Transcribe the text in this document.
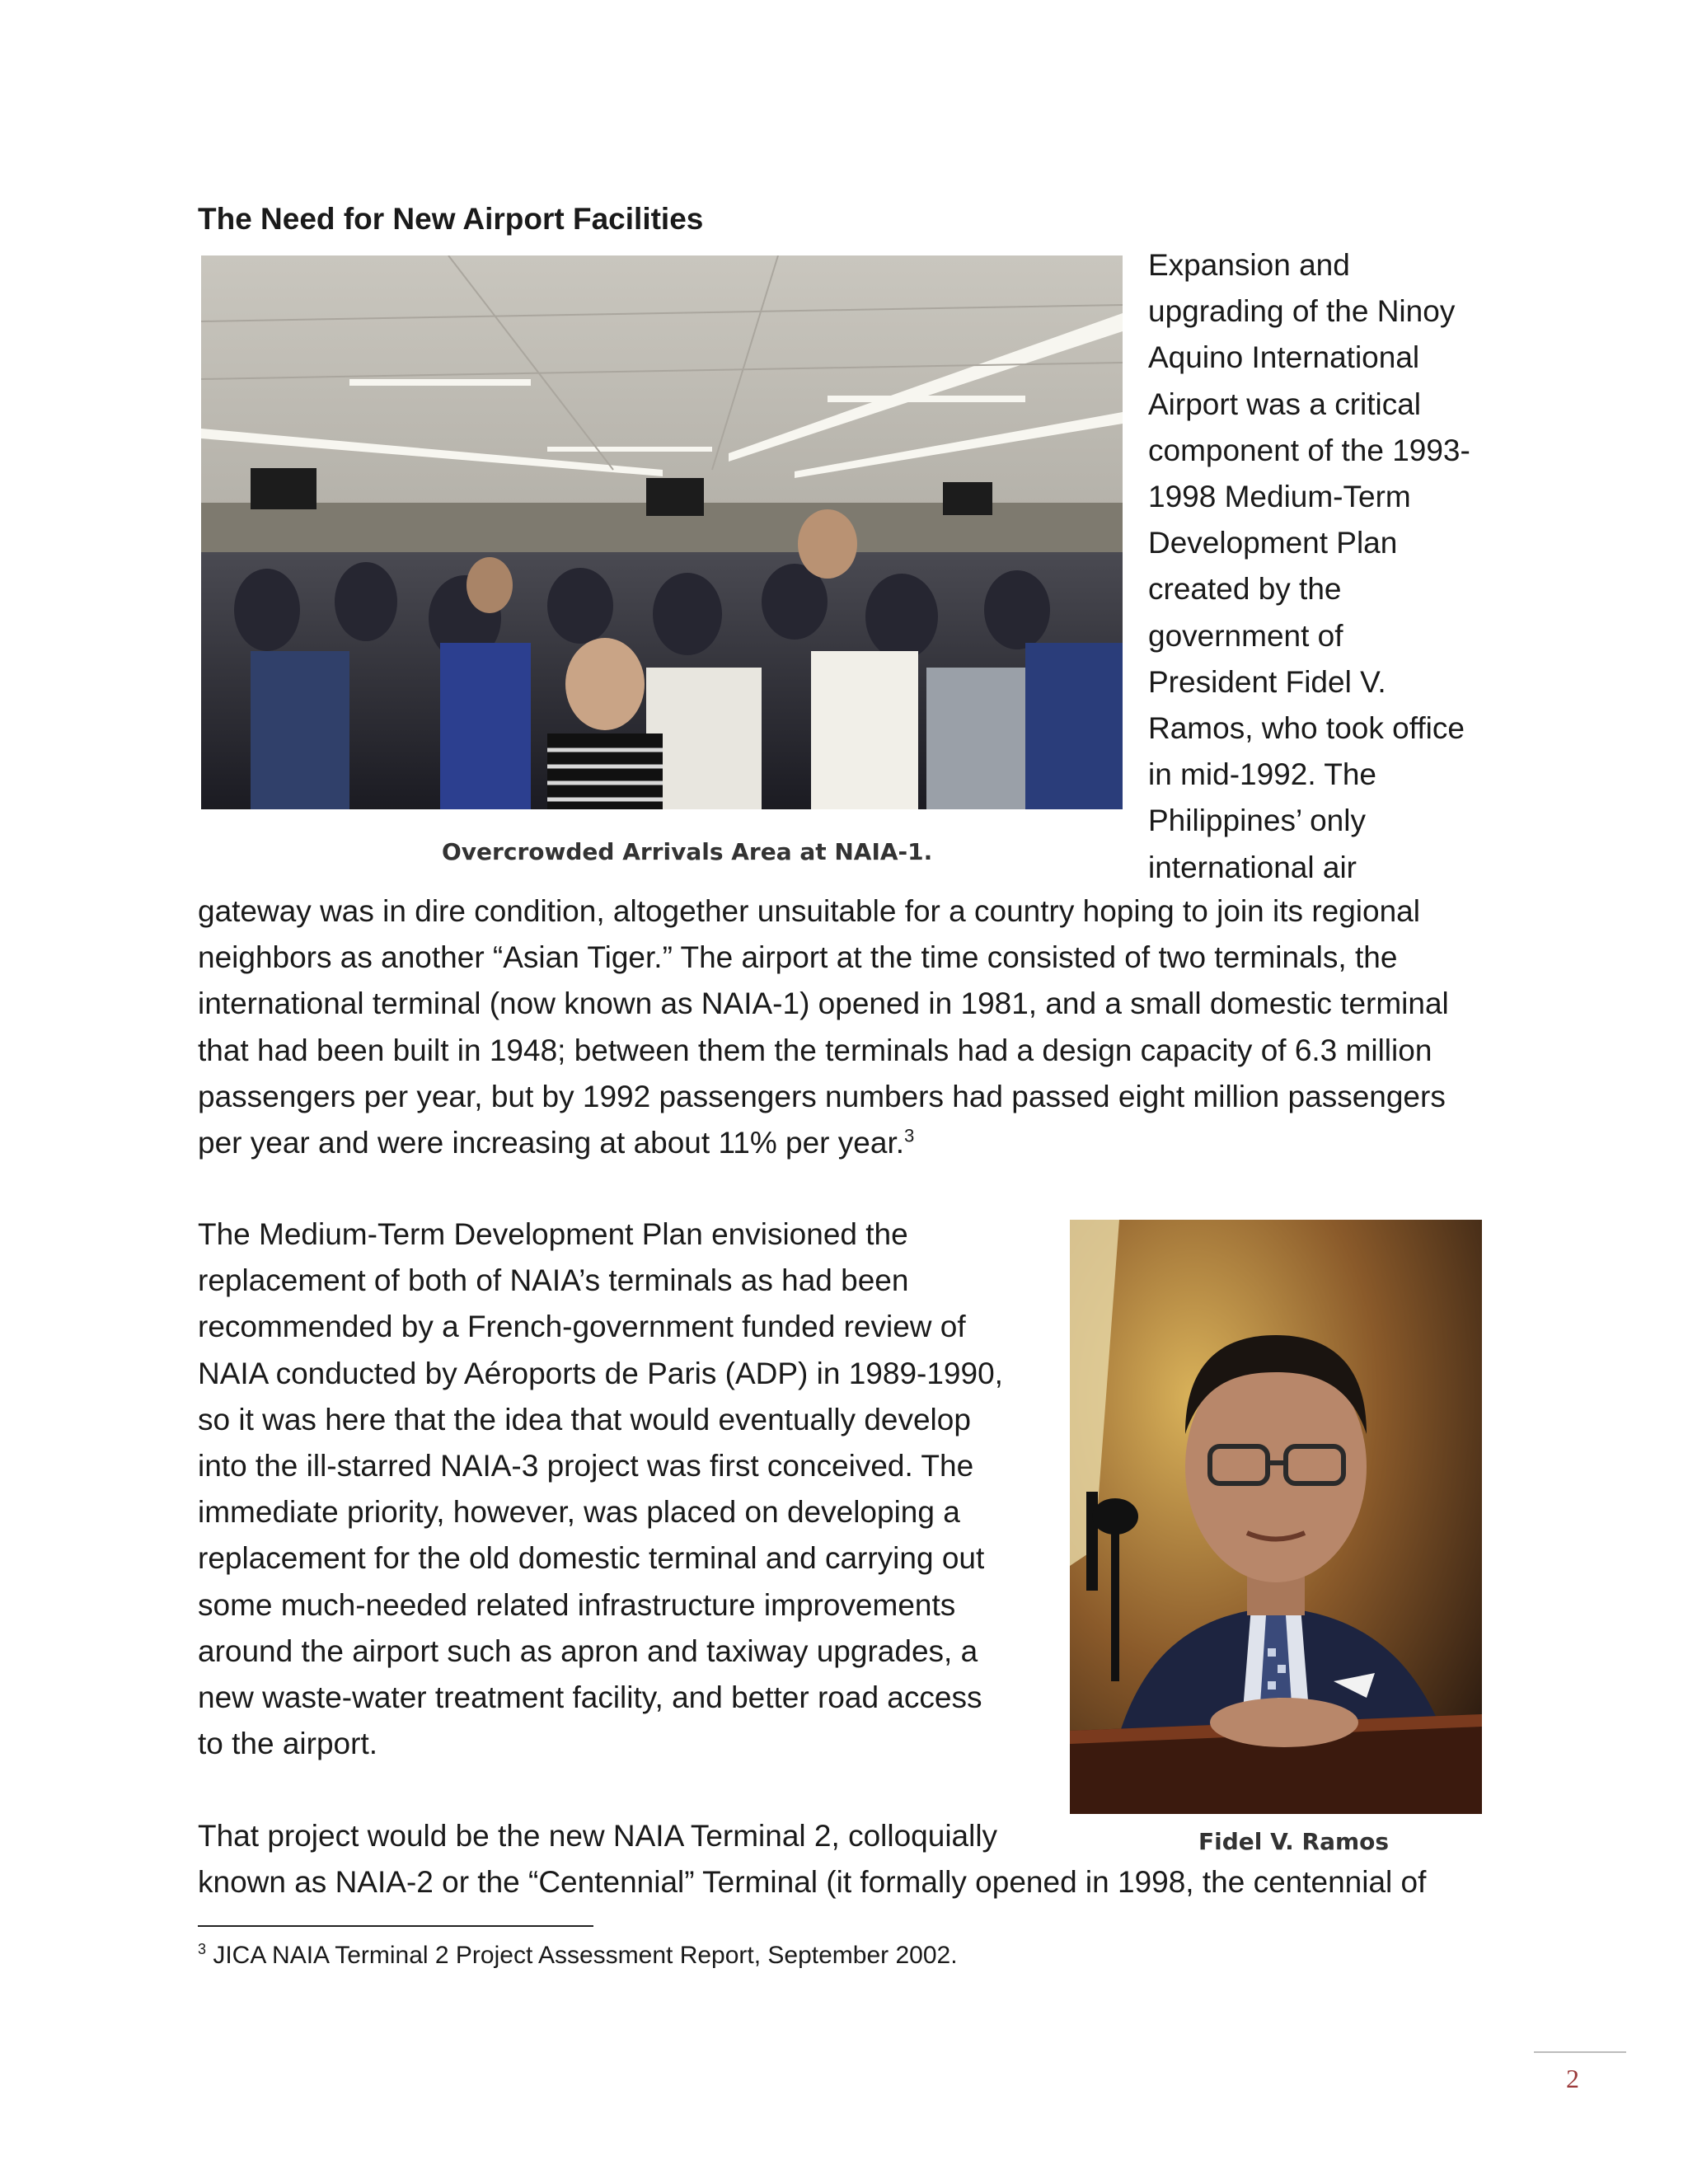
The Need for New Airport Facilities
Overcrowded Arrivals Area at NAIA-1.
Expansion and
upgrading of the Ninoy
Aquino International
Airport was a critical
component of the 1993-
1998 Medium-Term
Development Plan
created by the
government of
President Fidel V.
Ramos, who took office
in mid-1992. The
Philippines’ only
international air
gateway was in dire condition, altogether unsuitable for a country hoping to join its regional
neighbors as another “Asian Tiger.” The airport at the time consisted of two terminals, the
international terminal (now known as NAIA-1) opened in 1981, and a small domestic terminal
that had been built in 1948; between them the terminals had a design capacity of 6.3 million
passengers per year, but by 1992 passengers numbers had passed eight million passengers
per year and were increasing at about 11% per year.$^3$
The Medium-Term Development Plan envisioned the
replacement of both of NAIA’s terminals as had been
recommended by a French-government funded review of
NAIA conducted by Aéroports de Paris (ADP) in 1989-1990,
so it was here that the idea that would eventually develop
into the ill-starred NAIA-3 project was first conceived. The
immediate priority, however, was placed on developing a
replacement for the old domestic terminal and carrying out
some much-needed related infrastructure improvements
around the airport such as apron and taxiway upgrades, a
new waste-water treatment facility, and better road access
to the airport.
Fidel V. Ramos
That project would be the new NAIA Terminal 2, colloquially
known as NAIA-2 or the “Centennial” Terminal (it formally opened in 1998, the centennial of
$^3$ JICA NAIA Terminal 2 Project Assessment Report, September 2002.
2
